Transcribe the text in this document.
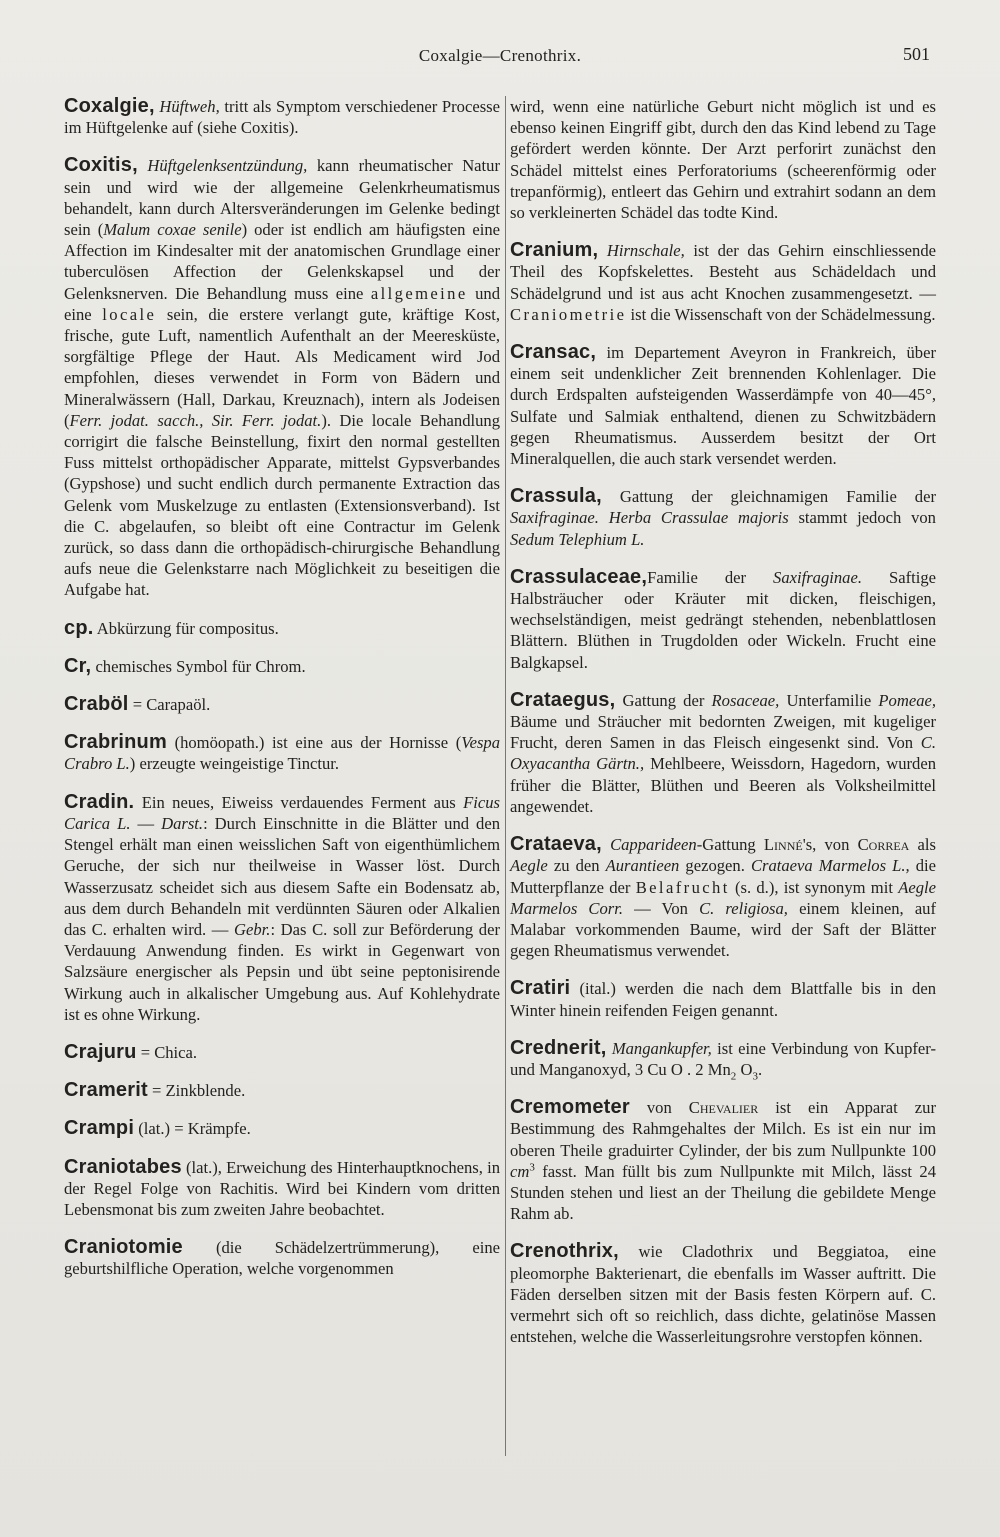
Coxalgie—Crenothrix.	501

Coxalgie, Hüftweh, tritt als Symptom verschiedener Processe im Hüftgelenke auf (siehe Coxitis).

Coxitis, Hüftgelenksentzündung, kann rheumatischer Natur sein und wird wie der allgemeine Gelenkrheumatismus behandelt, kann durch Altersveränderungen im Gelenke bedingt sein (Malum coxae senile) oder ist endlich am häufigsten eine Affection im Kindesalter mit der anatomischen Grundlage einer tuberculösen Affection der Gelenkskapsel und der Gelenksnerven. Die Behandlung muss eine allgemeine und eine locale sein, die erstere verlangt gute, kräftige Kost, frische, gute Luft, namentlich Aufenthalt an der Meeresküste, sorgfältige Pflege der Haut. Als Medicament wird Jod empfohlen, dieses verwendet in Form von Bädern und Mineralwässern (Hall, Darkau, Kreuznach), intern als Jodeisen (Ferr. jodat. sacch., Sir. Ferr. jodat.). Die locale Behandlung corrigirt die falsche Beinstellung, fixirt den normal gestellten Fuss mittelst orthopädischer Apparate, mittelst Gypsverbandes (Gypshose) und sucht endlich durch permanente Extraction das Gelenk vom Muskelzuge zu entlasten (Extensionsverband). Ist die C. abgelaufen, so bleibt oft eine Contractur im Gelenk zurück, so dass dann die orthopädisch-chirurgische Behandlung aufs neue die Gelenkstarre nach Möglichkeit zu beseitigen die Aufgabe hat.

cp. Abkürzung für compositus.

Cr, chemisches Symbol für Chrom.

Craböl = Carapaöl.

Crabrinum (homöopath.) ist eine aus der Hornisse (Vespa Crabro L.) erzeugte weingeistige Tinctur.

Cradin. Ein neues, Eiweiss verdauendes Ferment aus Ficus Carica L. — Darst.: Durch Einschnitte in die Blätter und den Stengel erhält man einen weisslichen Saft von eigenthümlichem Geruche, der sich nur theilweise in Wasser löst. Durch Wasserzusatz scheidet sich aus diesem Safte ein Bodensatz ab, aus dem durch Behandeln mit verdünnten Säuren oder Alkalien das C. erhalten wird. — Gebr.: Das C. soll zur Beförderung der Verdauung Anwendung finden. Es wirkt in Gegenwart von Salzsäure energischer als Pepsin und übt seine peptonisirende Wirkung auch in alkalischer Umgebung aus. Auf Kohlehydrate ist es ohne Wirkung.

Crajuru = Chica.

Cramerit = Zinkblende.

Crampi (lat.) = Krämpfe.

Craniotabes (lat.), Erweichung des Hinterhauptknochens, in der Regel Folge von Rachitis. Wird bei Kindern vom dritten Lebensmonat bis zum zweiten Jahre beobachtet.

Craniotomie (die Schädelzertrümmerung), eine geburtshilfliche Operation, welche vorgenommen

wird, wenn eine natürliche Geburt nicht möglich ist und es ebenso keinen Eingriff gibt, durch den das Kind lebend zu Tage gefördert werden könnte. Der Arzt perforirt zunächst den Schädel mittelst eines Perforatoriums (scheerenförmig oder trepanförmig), entleert das Gehirn und extrahirt sodann an dem so verkleinerten Schädel das todte Kind.

Cranium, Hirnschale, ist der das Gehirn einschliessende Theil des Kopfskelettes. Besteht aus Schädeldach und Schädelgrund und ist aus acht Knochen zusammengesetzt. — Craniometrie ist die Wissenschaft von der Schädelmessung.

Cransac, im Departement Aveyron in Frankreich, über einem seit undenklicher Zeit brennenden Kohlenlager. Die durch Erdspalten aufsteigenden Wasserdämpfe von 40—45°, Sulfate und Salmiak enthaltend, dienen zu Schwitzbädern gegen Rheumatismus. Ausserdem besitzt der Ort Mineralquellen, die auch stark versendet werden.

Crassula, Gattung der gleichnamigen Familie der Saxifraginae. Herba Crassulae majoris stammt jedoch von Sedum Telephium L.

Crassulaceae,Familie der Saxifraginae. Saftige Halbsträucher oder Kräuter mit dicken, fleischigen, wechselständigen, meist gedrängt stehenden, nebenblattlosen Blättern. Blüthen in Trugdolden oder Wickeln. Frucht eine Balgkapsel.

Crataegus, Gattung der Rosaceae, Unterfamilie Pomeae, Bäume und Sträucher mit bedornten Zweigen, mit kugeliger Frucht, deren Samen in das Fleisch eingesenkt sind. Von C. Oxyacantha Gärtn., Mehlbeere, Weissdorn, Hagedorn, wurden früher die Blätter, Blüthen und Beeren als Volksheilmittel angewendet.

Crataeva, Capparideen-Gattung Linné's, von Correa als Aegle zu den Aurantieen gezogen. Crataeva Marmelos L., die Mutterpflanze der Belafrucht (s. d.), ist synonym mit Aegle Marmelos Corr. — Von C. religiosa, einem kleinen, auf Malabar vorkommenden Baume, wird der Saft der Blätter gegen Rheumatismus verwendet.

Cratiri (ital.) werden die nach dem Blattfalle bis in den Winter hinein reifenden Feigen genannt.

Crednerit, Mangankupfer, ist eine Verbindung von Kupfer- und Manganoxyd, 3 Cu O . 2 $Mn_2$ $O_3$.

Cremometer von Chevalier ist ein Apparat zur Bestimmung des Rahmgehaltes der Milch. Es ist ein nur im oberen Theile graduirter Cylinder, der bis zum Nullpunkte 100 $cm^3$ fasst. Man füllt bis zum Nullpunkte mit Milch, lässt 24 Stunden stehen und liest an der Theilung die gebildete Menge Rahm ab.

Crenothrix, wie Cladothrix und Beggiatoa, eine pleomorphe Bakterienart, die ebenfalls im Wasser auftritt. Die Fäden derselben sitzen mit der Basis festen Körpern auf. C. vermehrt sich oft so reichlich, dass dichte, gelatinöse Massen entstehen, welche die Wasserleitungsrohre verstopfen können.
